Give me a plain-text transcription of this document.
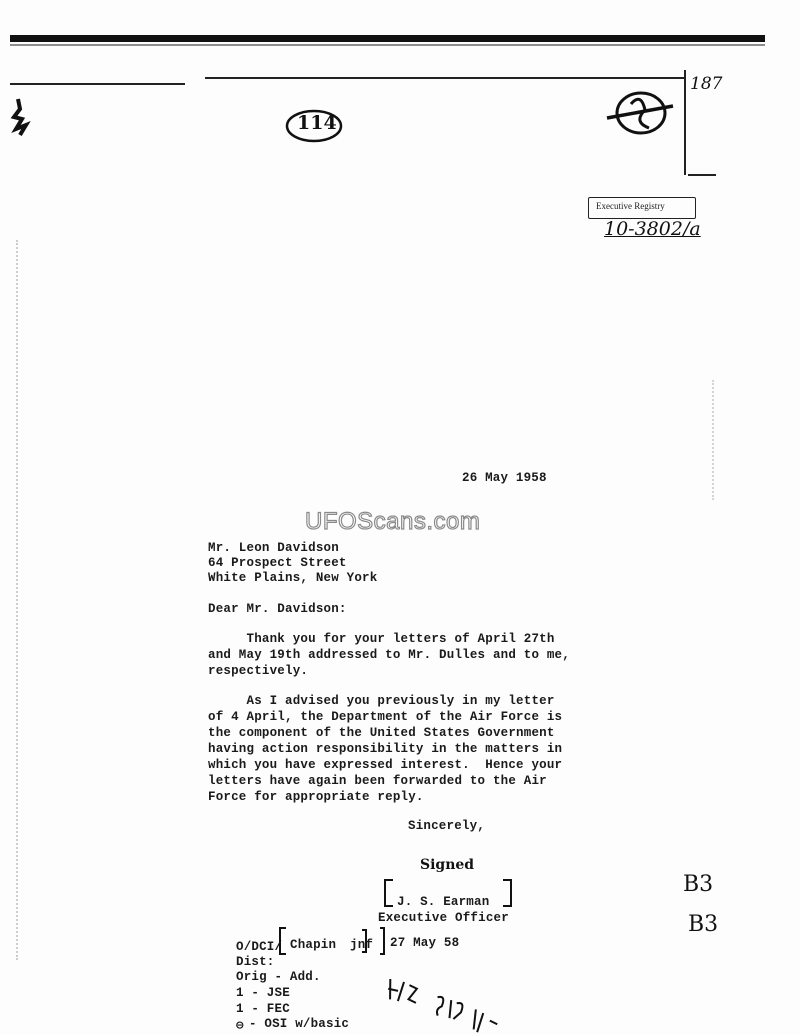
187
114
Executive Registry
10-3802/a
26 May 1958
UFOScans.com
Mr. Leon Davidson
64 Prospect Street
White Plains, New York
Dear Mr. Davidson:
Thank you for your letters of April 27th
and May 19th addressed to Mr. Dulles and to me,
respectively.
As I advised you previously in my letter
of 4 April, the Department of the Air Force is
the component of the United States Government
having action responsibility in the matters in
which you have expressed interest.  Hence your
letters have again been forwarded to the Air
Force for appropriate reply.
Sincerely,
Signed
J. S. Earman
Executive Officer
O/DCI/ Chapin jnf 27 May 58
Dist:
Orig - Add.
1 - JSE
1 - FEC
⊖ - OSI w/basic
B3
B3
